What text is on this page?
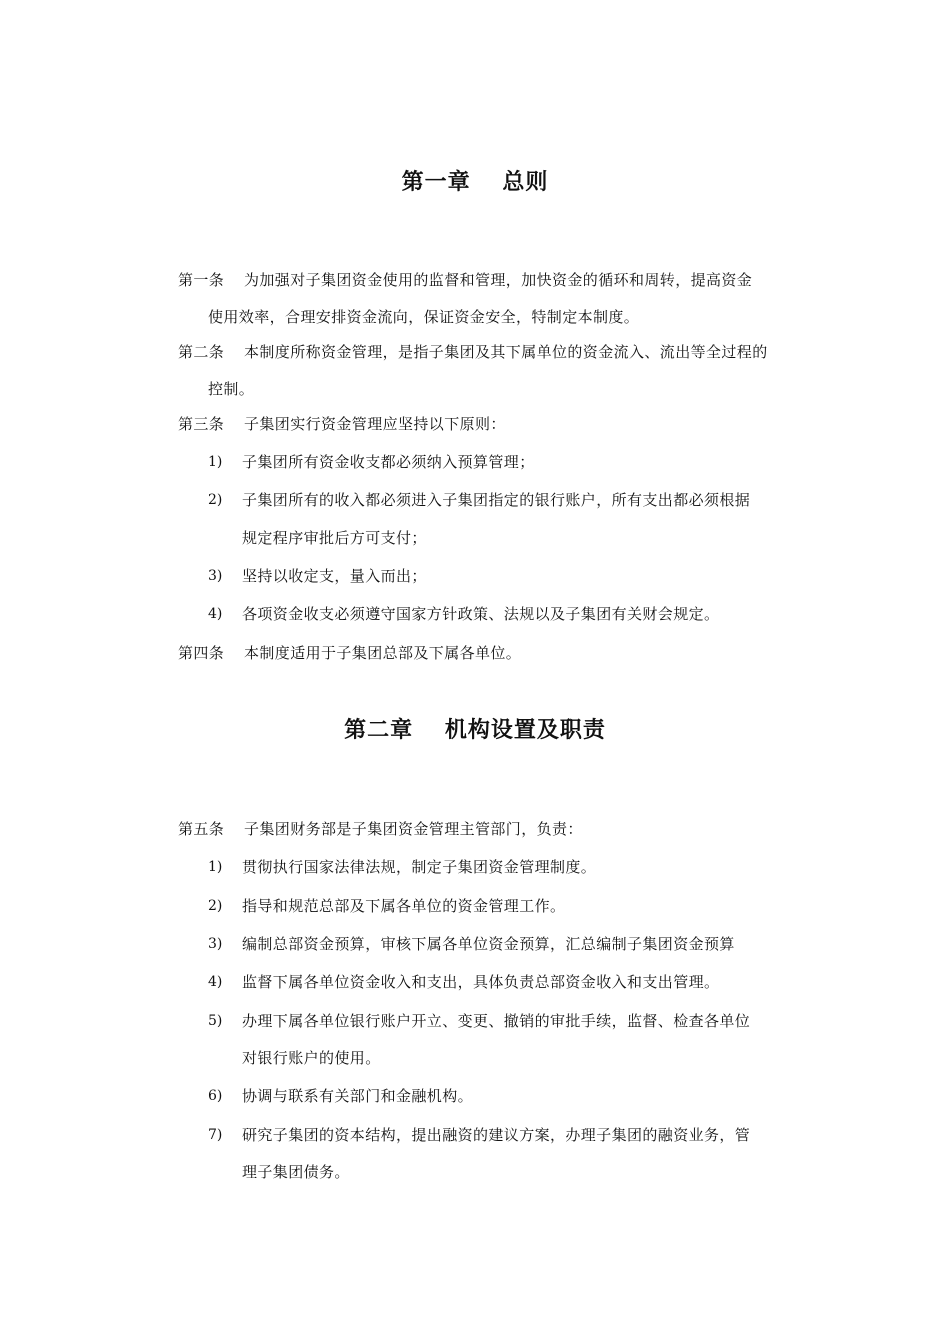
第一章　 总则
第一条 为加强对子集团资金使用的监督和管理，加快资金的循环和周转，提高资金
使用效率，合理安排资金流向，保证资金安全，特制定本制度。
第二条 本制度所称资金管理，是指子集团及其下属单位的资金流入、流出等全过程的
控制。
第三条 子集团实行资金管理应坚持以下原则：
1) 子集团所有资金收支都必须纳入预算管理；
2) 子集团所有的收入都必须进入子集团指定的银行账户，所有支出都必须根据
规定程序审批后方可支付；
3) 坚持以收定支，量入而出；
4) 各项资金收支必须遵守国家方针政策、法规以及子集团有关财会规定。
第四条 本制度适用于子集团总部及下属各单位。
第二章　 机构设置及职责
第五条 子集团财务部是子集团资金管理主管部门，负责：
1) 贯彻执行国家法律法规，制定子集团资金管理制度。
2) 指导和规范总部及下属各单位的资金管理工作。
3) 编制总部资金预算，审核下属各单位资金预算，汇总编制子集团资金预算
4) 监督下属各单位资金收入和支出，具体负责总部资金收入和支出管理。
5) 办理下属各单位银行账户开立、变更、撤销的审批手续，监督、检查各单位
对银行账户的使用。
6) 协调与联系有关部门和金融机构。
7) 研究子集团的资本结构，提出融资的建议方案，办理子集团的融资业务，管
理子集团债务。
